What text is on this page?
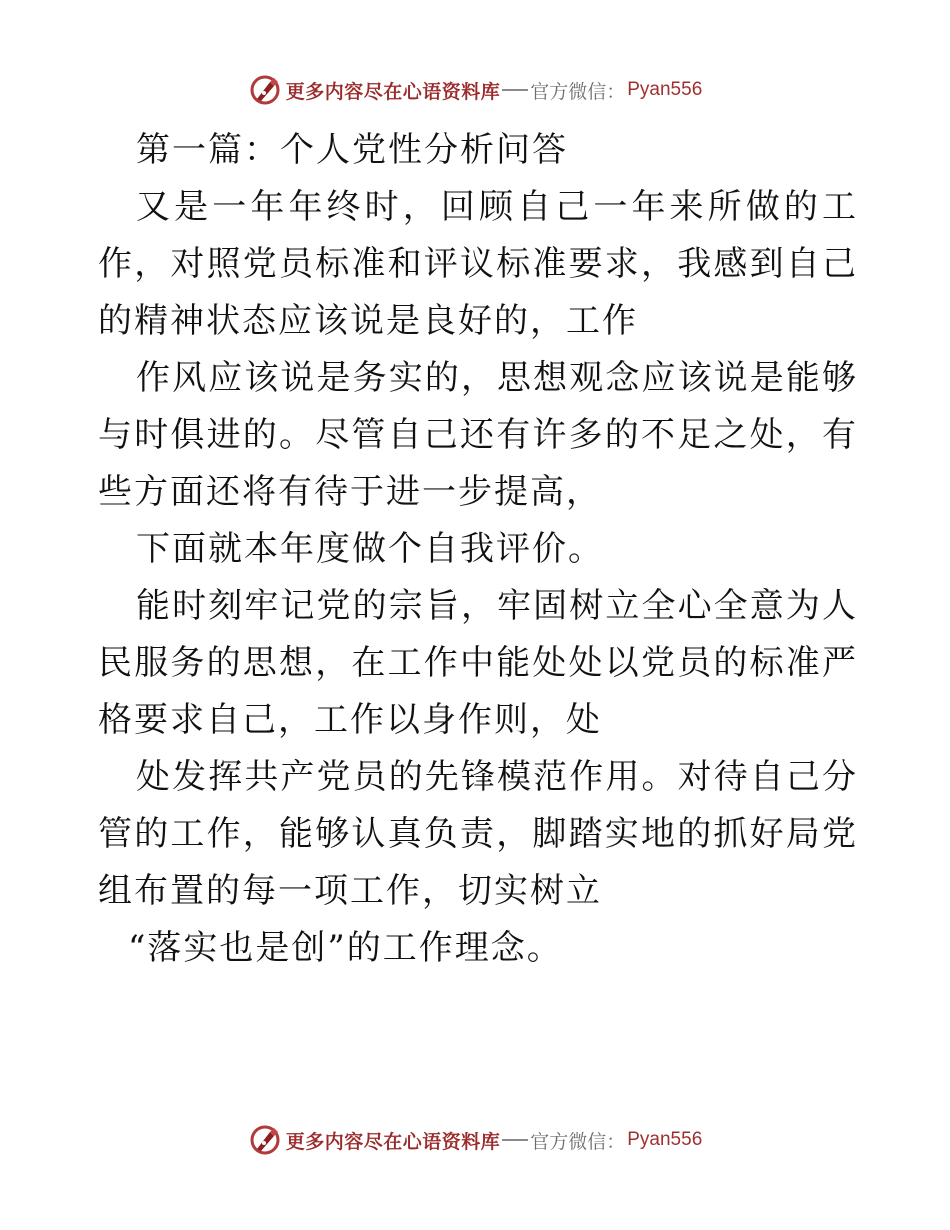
更多内容尽在心语资料库 官方微信： Pyan556

第一篇：个人党性分析问答

又是一年年终时，回顾自己一年来所做的工作，对照党员标准和评议标准要求，我感到自己的精神状态应该说是良好的，工作

作风应该说是务实的，思想观念应该说是能够与时俱进的。尽管自己还有许多的不足之处，有些方面还将有待于进一步提高，

下面就本年度做个自我评价。

能时刻牢记党的宗旨，牢固树立全心全意为人民服务的思想，在工作中能处处以党员的标准严格要求自己，工作以身作则，处

处发挥共产党员的先锋模范作用。对待自己分管的工作，能够认真负责，脚踏实地的抓好局党组布置的每一项工作，切实树立

“落实也是创”的工作理念。

更多内容尽在心语资料库 官方微信： Pyan556
